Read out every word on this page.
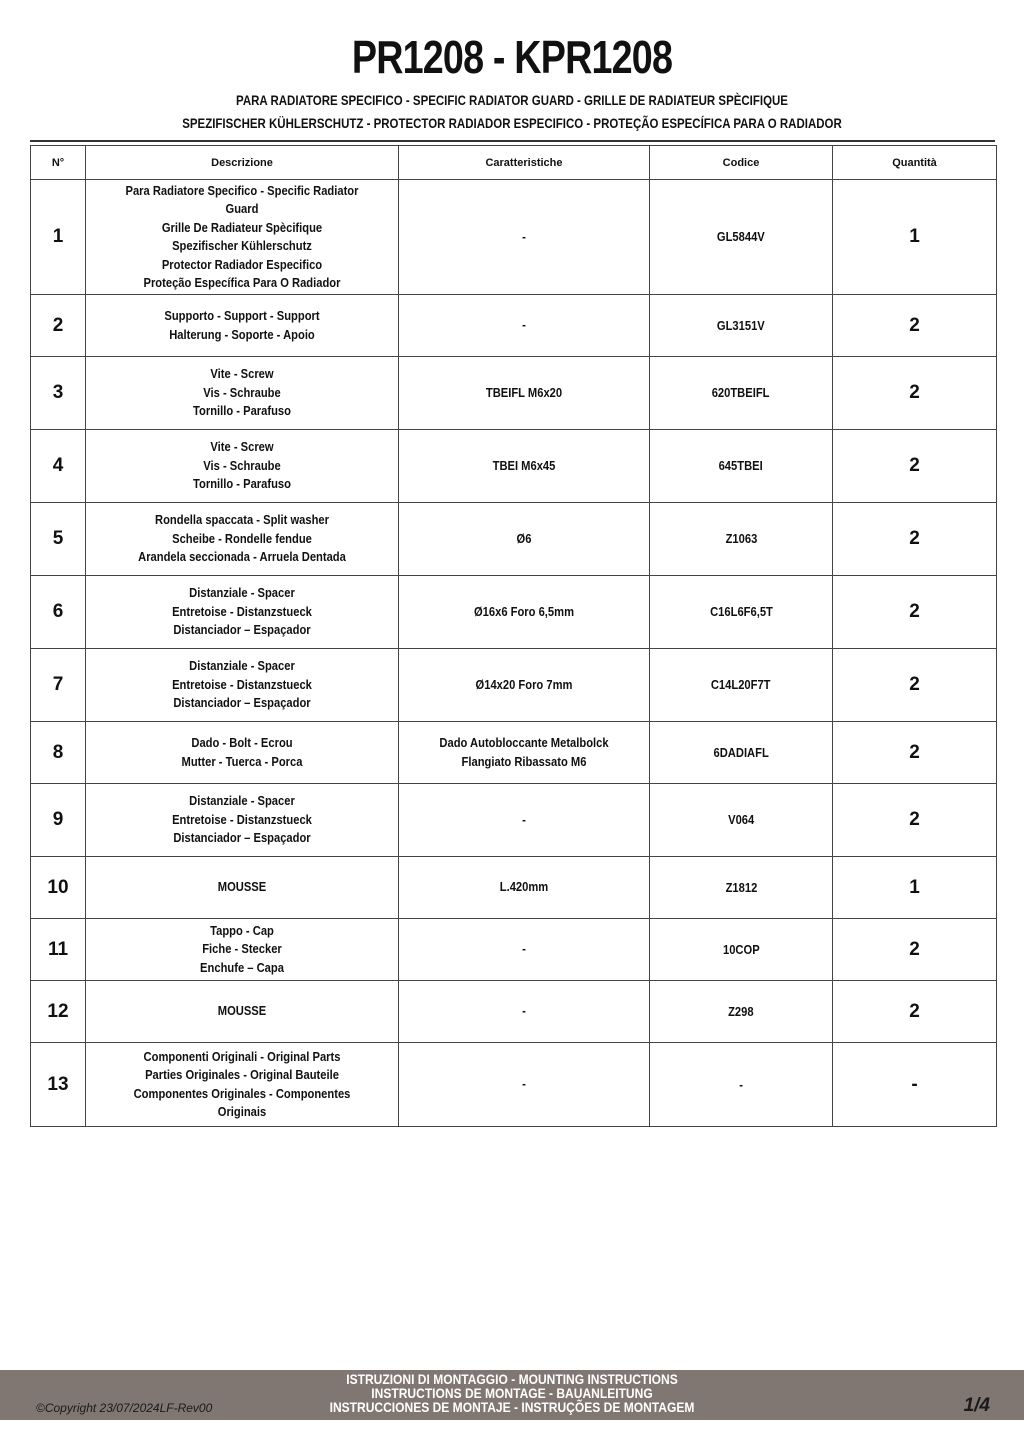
PR1208 - KPR1208
PARA RADIATORE SPECIFICO - SPECIFIC RADIATOR GUARD - GRILLE DE RADIATEUR SPÈCIFIQUE
SPEZIFISCHER KÜHLERSCHUTZ - PROTECTOR RADIADOR ESPECIFICO - PROTEÇÃO ESPECÍFICA PARA O RADIADOR
N°	Descrizione	Caratteristiche	Codice	Quantità
1	Para Radiatore Specifico - Specific Radiator Guard
Grille De Radiateur Spècifique
Spezifischer Kühlerschutz
Protector Radiador Especifico
Proteção Específica Para O Radiador	-	GL5844V	1
2	Supporto - Support - Support
Halterung - Soporte - Apoio	-	GL3151V	2
3	Vite - Screw
Vis - Schraube
Tornillo - Parafuso	TBEIFL M6x20	620TBEIFL	2
4	Vite - Screw
Vis - Schraube
Tornillo - Parafuso	TBEI M6x45	645TBEI	2
5	Rondella spaccata - Split washer
Scheibe - Rondelle fendue
Arandela seccionada - Arruela Dentada	Ø6	Z1063	2
6	Distanziale - Spacer
Entretoise - Distanzstueck
Distanciador – Espaçador	Ø16x6 Foro 6,5mm	C16L6F6,5T	2
7	Distanziale - Spacer
Entretoise - Distanzstueck
Distanciador – Espaçador	Ø14x20 Foro 7mm	C14L20F7T	2
8	Dado - Bolt - Ecrou
Mutter - Tuerca - Porca	Dado Autobloccante Metalbolck
Flangiato Ribassato M6	6DADIAFL	2
9	Distanziale - Spacer
Entretoise - Distanzstueck
Distanciador – Espaçador	-	V064	2
10	MOUSSE	L.420mm	Z1812	1
11	Tappo - Cap
Fiche - Stecker
Enchufe – Capa	-	10COP	2
12	MOUSSE	-	Z298	2
13	Componenti Originali - Original Parts
Parties Originales - Original Bauteile
Componentes Originales - Componentes Originais	-	-	-
ISTRUZIONI DI MONTAGGIO - MOUNTING INSTRUCTIONS
INSTRUCTIONS DE MONTAGE - BAUANLEITUNG
INSTRUCCIONES DE MONTAJE - INSTRUÇÕES DE MONTAGEM
©Copyright 23/07/2024LF-Rev00	1/4
